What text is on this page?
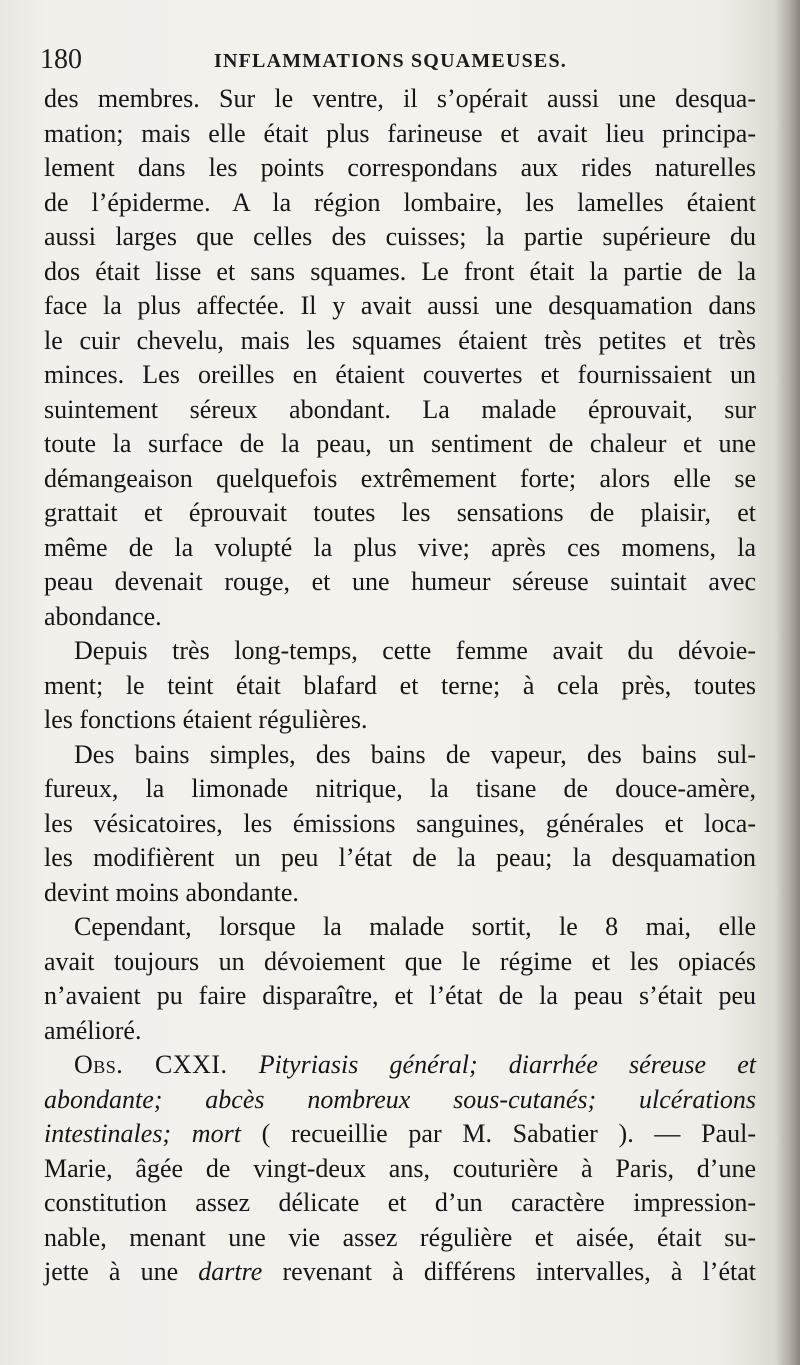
180	INFLAMMATIONS SQUAMEUSES.

des membres. Sur le ventre, il s’opérait aussi une desqua-
mation; mais elle était plus farineuse et avait lieu principa-
lement dans les points correspondans aux rides naturelles
de l’épiderme. A la région lombaire, les lamelles étaient
aussi larges que celles des cuisses; la partie supérieure du
dos était lisse et sans squames. Le front était la partie de la
face la plus affectée. Il y avait aussi une desquamation dans
le cuir chevelu, mais les squames étaient très petites et très
minces. Les oreilles en étaient couvertes et fournissaient un
suintement séreux abondant. La malade éprouvait, sur
toute la surface de la peau, un sentiment de chaleur et une
démangeaison quelquefois extrêmement forte; alors elle se
grattait et éprouvait toutes les sensations de plaisir, et
même de la volupté la plus vive; après ces momens, la
peau devenait rouge, et une humeur séreuse suintait avec
abondance.

Depuis très long-temps, cette femme avait du dévoie-
ment; le teint était blafard et terne; à cela près, toutes
les fonctions étaient régulières.

Des bains simples, des bains de vapeur, des bains sul-
fureux, la limonade nitrique, la tisane de douce-amère,
les vésicatoires, les émissions sanguines, générales et loca-
les modifièrent un peu l’état de la peau; la desquamation
devint moins abondante.

Cependant, lorsque la malade sortit, le 8 mai, elle
avait toujours un dévoiement que le régime et les opiacés
n’avaient pu faire disparaître, et l’état de la peau s’était peu
amélioré.

Obs. CXXI. Pityriasis général; diarrhée séreuse et
abondante; abcès nombreux sous-cutanés; ulcérations
intestinales; mort ( recueillie par M. Sabatier ). — Paul-
Marie, âgée de vingt-deux ans, couturière à Paris, d’une
constitution assez délicate et d’un caractère impression-
nable, menant une vie assez régulière et aisée, était su-
jette à une dartre revenant à différens intervalles, à l’état
